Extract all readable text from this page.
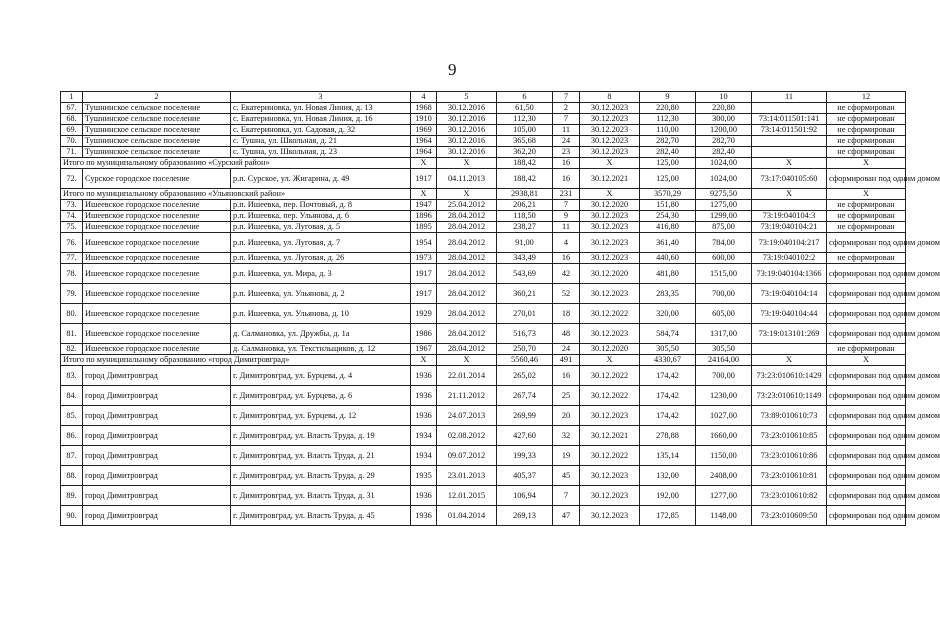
9
1	2	3	4	5	6	7	8	9	10	11	12
67.	Тушнинское сельское поселение	с. Екатериновка, ул. Новая Линия, д. 13	1968	30.12.2016	61,50	2	30.12.2023	220,80	220,80		не сформирован
68.	Тушнинское сельское поселение	с. Екатериновка, ул. Новая Линия, д. 16	1910	30.12.2016	112,30	7	30.12.2023	112,30	300,00	73:14:011501:141	не сформирован
69.	Тушнинское сельское поселение	с. Екатериновка, ул. Садовая, д. 32	1969	30.12.2016	105,00	11	30.12.2023	110,00	1200,00	73:14:011501:92	не сформирован
70.	Тушнинское сельское поселение	с. Тушна, ул. Школьная, д. 21	1964	30.12.2016	365,68	24	30.12.2023	282,70	282,70		не сформирован
71.	Тушнинское сельское поселение	с. Тушна, ул. Школьная, д. 23	1964	30.12.2016	362,20	23	30.12.2023	282,40	282,40		не сформирован
Итого по муниципальному образованию «Сурский район»			Х	Х	188,42	16	Х	125,00	1024,00	Х	Х
72.	Сурское городское поселение	р.п. Сурское, ул. Жигарина, д. 49	1917	04.11.2013	188,42	16	30.12.2021	125,00	1024,00	73:17:040105:60	сформирован под одним домом
Итого по муниципальному образованию «Ульяновский район»			Х	Х	2938,81	231	Х	3570,29	9275,50	Х	Х
73.	Ишеевское городское поселение	р.п. Ишеевка, пер. Почтовый, д. 8	1947	25.04.2012	206,21	7	30.12.2020	151,80	1275,00		не сформирован
74.	Ишеевское городское поселение	р.п. Ишеевка, пер. Ульянова, д. 6	1896	28.04.2012	118,50	9	30.12.2023	254,30	1299,00	73:19:040104:3	не сформирован
75.	Ишеевское городское поселение	р.п. Ишеевка, ул. Луговая, д. 5	1895	28.04.2012	238,27	11	30.12.2023	416,80	875,00	73:19:040104:21	не сформирован
76.	Ишеевское городское поселение	р.п. Ишеевка, ул. Луговая, д. 7	1954	28.04.2012	91,00	4	30.12.2023	361,40	784,00	73:19:040104:217	сформирован под одним домом
77.	Ишеевское городское поселение	р.п. Ишеевка, ул. Луговая, д. 26	1973	28.04.2012	343,49	16	30.12.2023	440,60	600,00	73:19:040102:2	не сформирован
78.	Ишеевское городское поселение	р.п. Ишеевка, ул. Мира, д. 3	1917	28.04.2012	543,69	42	30.12.2020	481,80	1515,00	73:19:040104:1366	сформирован под одним домом
79.	Ишеевское городское поселение	р.п. Ишеевка, ул. Ульянова, д. 2	1917	28.04.2012	360,21	52	30.12.2023	283,35	700,00	73:19:040104:14	сформирован под одним домом
80.	Ишеевское городское поселение	р.п. Ишеевка, ул. Ульянова, д. 10	1929	28.04.2012	270,01	18	30.12.2022	320,00	605,00	73:19:040104:44	сформирован под одним домом
81.	Ишеевское городское поселение	д. Салмановка, ул. Дружбы, д. 1а	1986	28.04.2012	516,73	48	30.12.2023	584,74	1317,00	73:19:013101:269	сформирован под одним домом
82.	Ишеевское городское поселение	д. Салмановка, ул. Текстильщиков, д. 12	1967	28.04.2012	250,70	24	30.12.2020	305,50	305,50		не сформирован
Итого по муниципальному образованию «город Димитровград»			Х	Х	5560,46	491	Х	4330,67	24164,00	Х	Х
83.	город Димитровград	г. Димитровград, ул. Бурцева, д. 4	1936	22.01.2014	265,02	16	30.12.2022	174,42	700,00	73:23:010610:1429	сформирован под одним домом
84.	город Димитровград	г. Димитровград, ул. Бурцева, д. 6	1936	21.11.2012	267,74	25	30.12.2022	174,42	1230,00	73:23:010610:1149	сформирован под одним домом
85.	город Димитровград	г. Димитровград, ул. Бурцева, д. 12	1936	24.07.2013	269,99	20	30.12.2023	174,42	1027,00	73:89:010610:73	сформирован под одним домом
86.	город Димитровград	г. Димитровград, ул. Власть Труда, д. 19	1934	02.08.2012	427,60	32	30.12.2021	278,88	1660,00	73:23:010610:85	сформирован под одним домом
87.	город Димитровград	г. Димитровград, ул. Власть Труда, д. 21	1934	09.07.2012	199,33	19	30.12.2022	135,14	1150,00	73:23:010610:86	сформирован под одним домом
88.	город Димитровград	г. Димитровград, ул. Власть Труда, д. 29	1935	23.01.2013	405,37	45	30.12.2023	132,00	2408,00	73:23:010610:81	сформирован под одним домом
89.	город Димитровград	г. Димитровград, ул. Власть Труда, д. 31	1936	12.01.2015	106,94	7	30.12.2023	192,00	1277,00	73:23:010610:82	сформирован под одним домом
90.	город Димитровград	г. Димитровград, ул. Власть Труда, д. 45	1936	01.04.2014	269,13	47	30.12.2023	172,85	1148,00	73:23:010609:50	сформирован под одним домом
